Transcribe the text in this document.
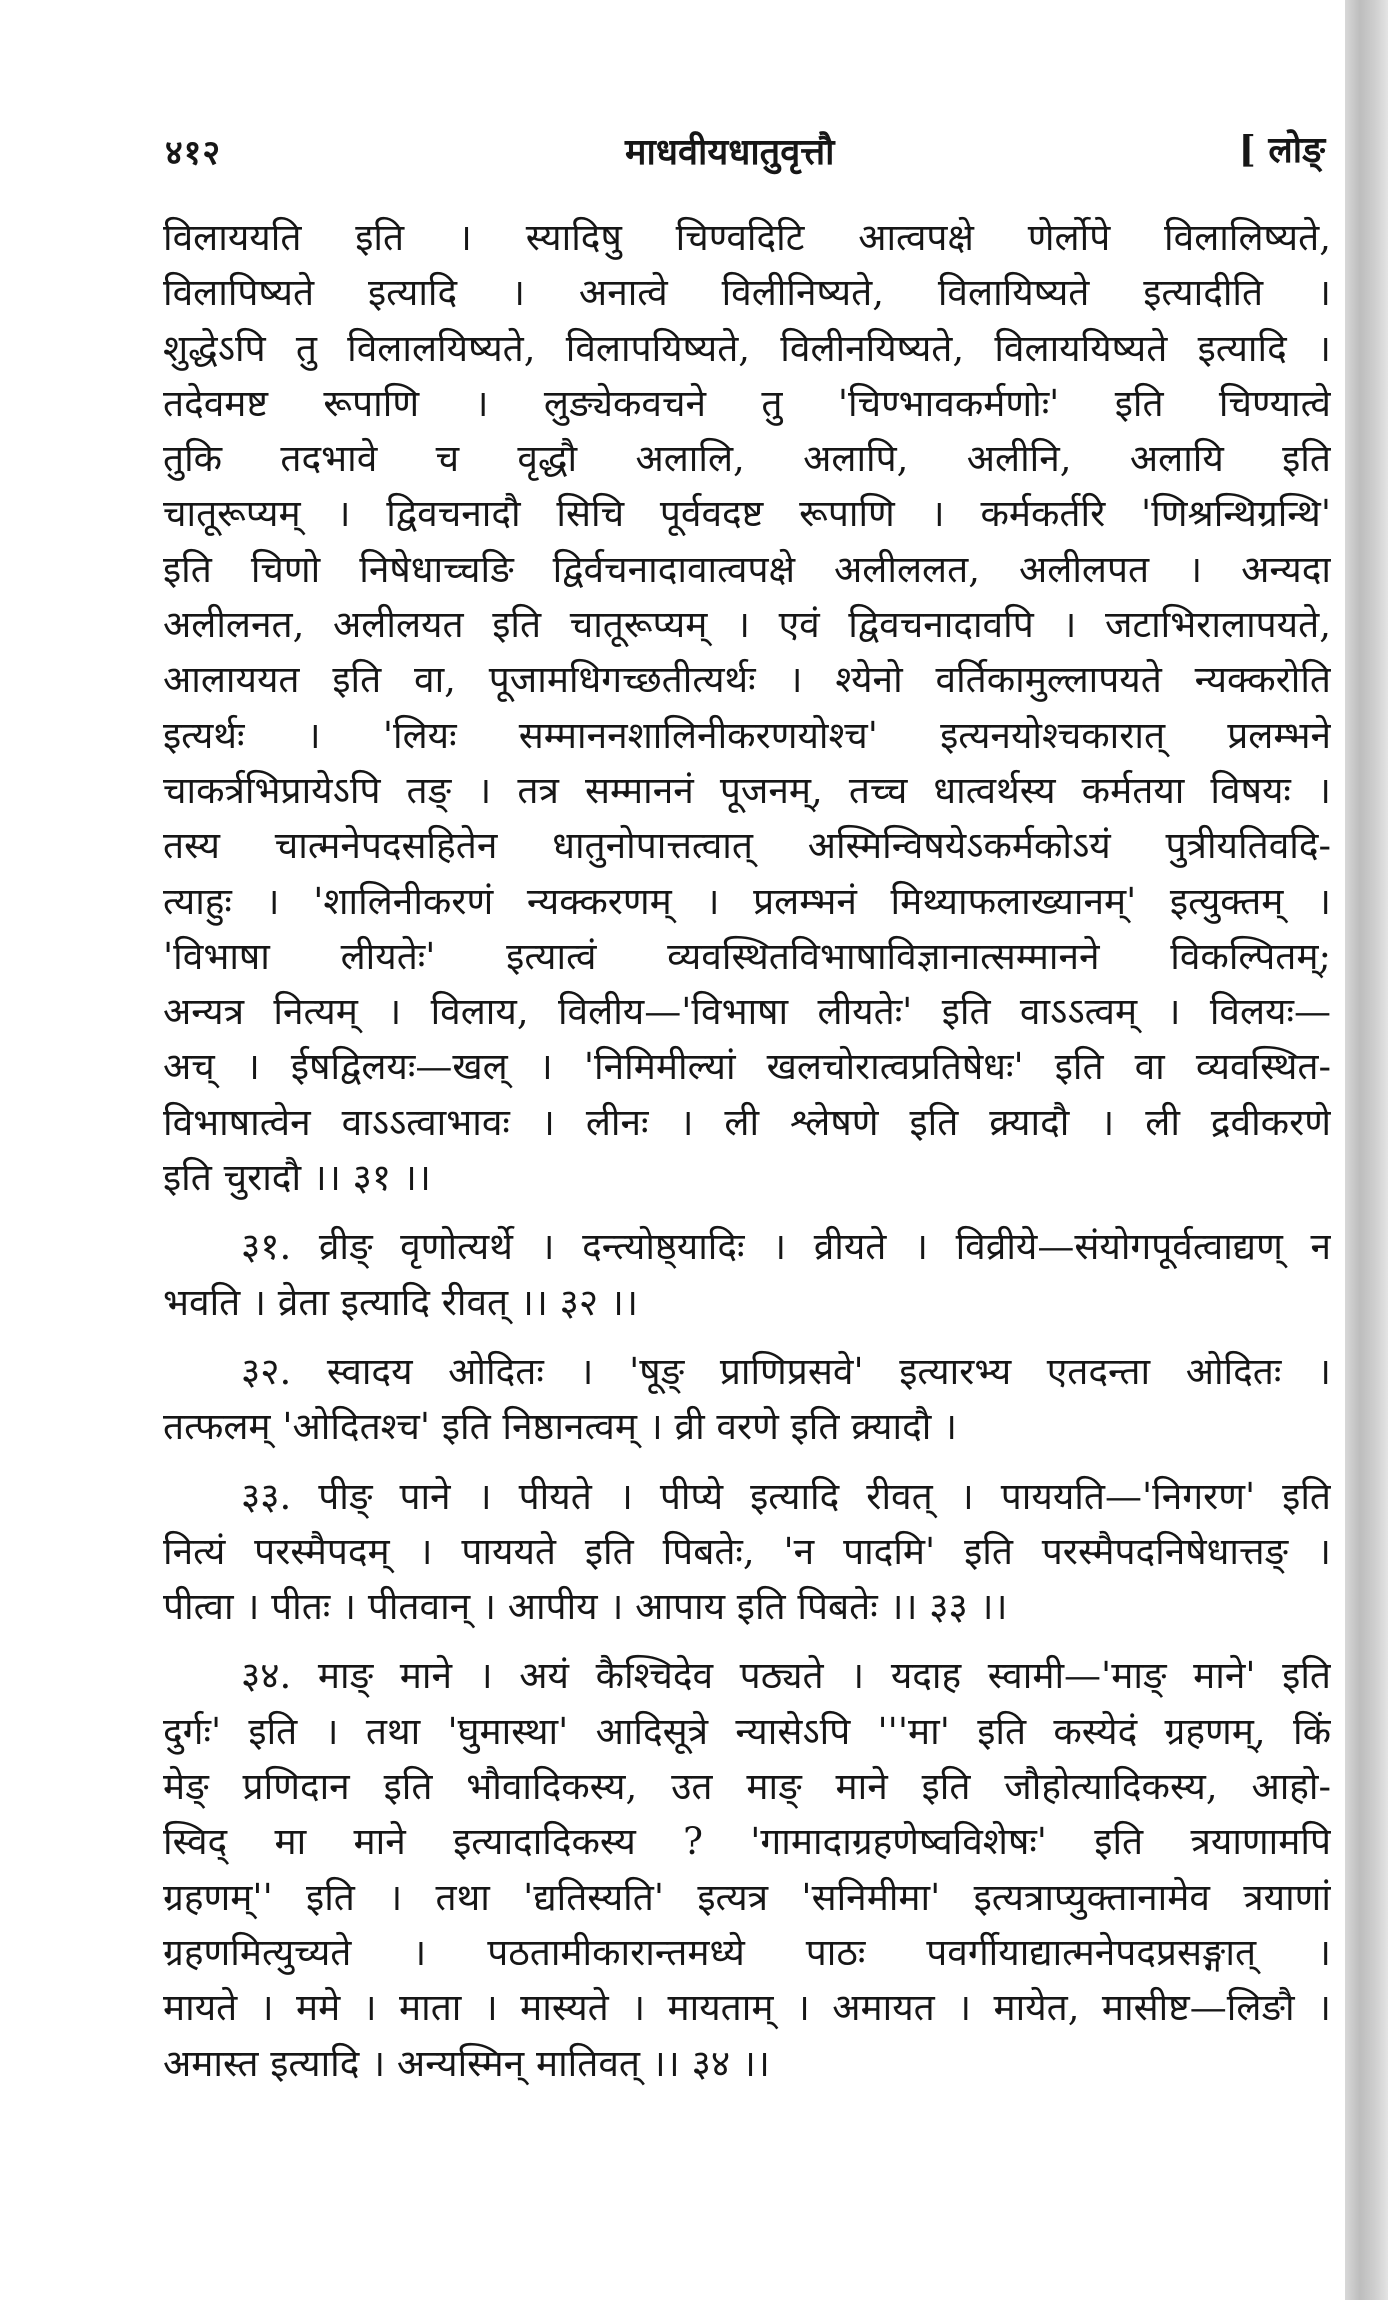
४१२	माधवीयधातुवृत्तौ	[ लोङ्
विलाययति इति । स्यादिषु चिण्वदिटि आत्वपक्षे णेर्लोपे विलालिष्यते,
विलापिष्यते इत्यादि । अनात्वे विलीनिष्यते, विलायिष्यते इत्यादीति ।
शुद्धेऽपि तु विलालयिष्यते, विलापयिष्यते, विलीनयिष्यते, विलाययिष्यते इत्यादि ।
तदेवमष्ट रूपाणि । लुङ्येकवचने तु 'चिण्भावकर्मणोः' इति चिण्यात्वे
तुकि तदभावे च वृद्धौ अलालि, अलापि, अलीनि, अलायि इति
चातूरूप्यम् । द्विवचनादौ सिचि पूर्ववदष्ट रूपाणि । कर्मकर्तरि 'णिश्रन्थिग्रन्थि'
इति चिणो निषेधाच्चङि द्विर्वचनादावात्वपक्षे अलीललत, अलीलपत । अन्यदा
अलीलनत, अलीलयत इति चातूरूप्यम् । एवं द्विवचनादावपि । जटाभिरालापयते,
आलाययत इति वा, पूजामधिगच्छतीत्यर्थः । श्येनो वर्तिकामुल्लापयते न्यक्करोति
इत्यर्थः । 'लियः सम्माननशालिनीकरणयोश्च' इत्यनयोश्चकारात् प्रलम्भने
चाकर्त्रभिप्रायेऽपि तङ् । तत्र सम्माननं पूजनम्, तच्च धात्वर्थस्य कर्मतया विषयः ।
तस्य चात्मनेपदसहितेन धातुनोपात्तत्वात् अस्मिन्विषयेऽकर्मकोऽयं पुत्रीयतिवदि-
त्याहुः । 'शालिनीकरणं न्यक्करणम् । प्रलम्भनं मिथ्याफलाख्यानम्' इत्युक्तम् ।
'विभाषा लीयतेः' इत्यात्वं व्यवस्थितविभाषाविज्ञानात्सम्मानने विकल्पितम्;
अन्यत्र नित्यम् । विलाय, विलीय—'विभाषा लीयतेः' इति वाऽऽत्वम् । विलयः—
अच् । ईषद्विलयः—खल् । 'निमिमील्यां खलचोरात्वप्रतिषेधः' इति वा व्यवस्थित-
विभाषात्वेन वाऽऽत्वाभावः । लीनः । ली श्लेषणे इति क्र्यादौ । ली द्रवीकरणे
इति चुरादौ ।। ३१ ।।
३१. व्रीङ् वृणोत्यर्थे । दन्त्योष्ठ्यादिः । व्रीयते । विव्रीये—संयोगपूर्वत्वाद्यण् न
भवति । व्रेता इत्यादि रीवत् ।। ३२ ।।
३२. स्वादय ओदितः । 'षूङ् प्राणिप्रसवे' इत्यारभ्य एतदन्ता ओदितः ।
तत्फलम् 'ओदितश्च' इति निष्ठानत्वम् । व्री वरणे इति क्र्यादौ ।
३३. पीङ् पाने । पीयते । पीप्ये इत्यादि रीवत् । पाययति—'निगरण' इति
नित्यं परस्मैपदम् । पाययते इति पिबतेः, 'न पादमि' इति परस्मैपदनिषेधात्तङ् ।
पीत्वा । पीतः । पीतवान् । आपीय । आपाय इति पिबतेः ।। ३३ ।।
३४. माङ् माने । अयं कैश्चिदेव पठ्यते । यदाह स्वामी—'माङ् माने' इति
दुर्गः' इति । तथा 'घुमास्था' आदिसूत्रे न्यासेऽपि '''मा' इति कस्येदं ग्रहणम्, किं
मेङ् प्रणिदान इति भौवादिकस्य, उत माङ् माने इति जौहोत्यादिकस्य, आहो-
स्विद् मा माने इत्यादादिकस्य ? 'गामादाग्रहणेष्वविशेषः' इति त्रयाणामपि
ग्रहणम्'' इति । तथा 'द्यतिस्यति' इत्यत्र 'सनिमीमा' इत्यत्राप्युक्तानामेव त्रयाणां
ग्रहणमित्युच्यते । पठतामीकारान्तमध्ये पाठः पवर्गीयाद्यात्मनेपदप्रसङ्गात् ।
मायते । ममे । माता । मास्यते । मायताम् । अमायत । मायेत, मासीष्ट—लिङौ ।
अमास्त इत्यादि । अन्यस्मिन् मातिवत् ।। ३४ ।।
